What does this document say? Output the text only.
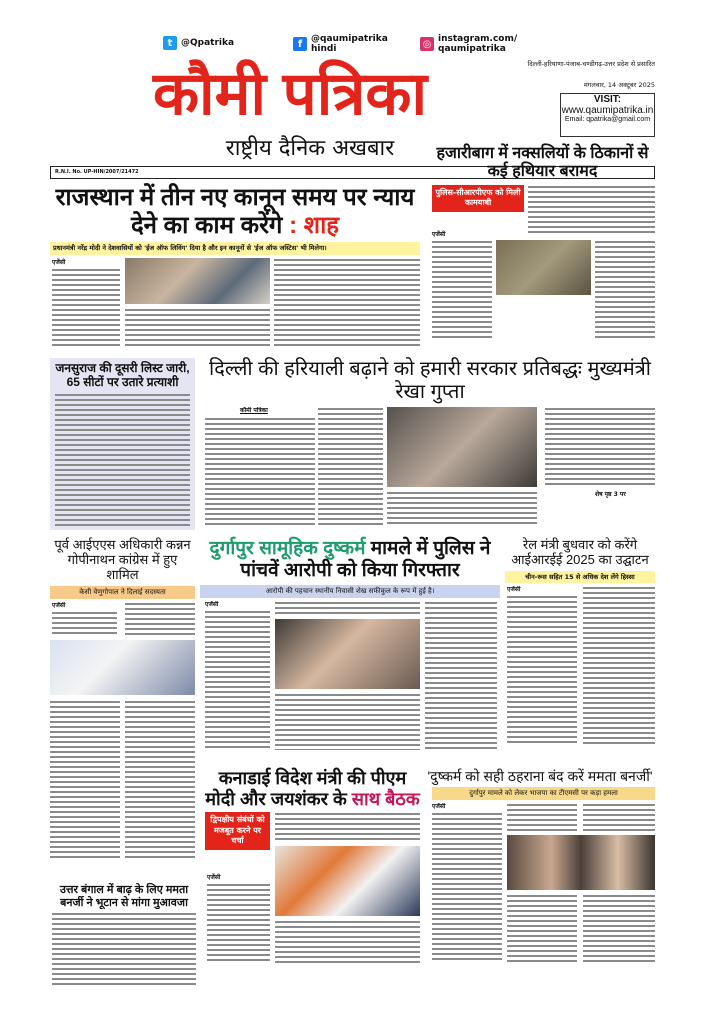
t @Qpatrika	f @qaumipatrika hindi	◎ instagram.com/ qaumipatrika
कौमी पत्रिका
राष्ट्रीय दैनिक अखबार
दिल्ली-हरियाणा-पंजाब-चण्डीगढ़-उत्तर प्रदेश से प्रसारित
मंगलवार, 14 अक्टूबर 2025
VISIT:
www.qaumipatrika.in
Email: qpatrika@gmail.com
R.N.I. No. UP-HIN/2007/21472
राजस्थान में तीन नए कानून समय पर न्याय देने का काम करेंगे : शाह
प्रधानमंत्री नरेंद्र मोदी ने देशवासियों को 'ईज ऑफ लिविंग' दिया है और इन कानूनों से 'ईज ऑफ जस्टिस' भी मिलेगा।
एजेंसी
हजारीबाग में नक्सलियों के ठिकानों से कई हथियार बरामद
पुलिस-सीआरपीएफ को मिली कामयाबी
एजेंसी
जनसुराज की दूसरी लिस्ट जारी, 65 सीटों पर उतारे प्रत्याशी
दिल्ली की हरियाली बढ़ाने को हमारी सरकार प्रतिबद्धः मुख्यमंत्री रेखा गुप्ता
कौमी पत्रिका
शेष पृष्ठ 3 पर
पूर्व आईएएस अधिकारी कन्नन गोपीनाथन कांग्रेस में हुए शामिल
केसी वेणुगोपाल ने दिलाई सदस्यता
एजेंसी
दुर्गापुर सामूहिक दुष्कर्म मामले में पुलिस ने पांचवें आरोपी को किया गिरफ्तार
आरोपी की पहचान स्थानीय निवासी शेख सफीकुल के रूप में हुई है।
एजेंसी
रेल मंत्री बुधवार को करेंगे आईआरईई 2025 का उद्घाटन
चीन-रूस सहित 15 से अधिक देश लेंगे हिस्सा
एजेंसी
कनाडाई विदेश मंत्री की पीएम मोदी और जयशंकर के साथ बैठक
द्विपक्षीय संबंधों को मजबूत करने पर चर्चा
एजेंसी
'दुष्कर्म को सही ठहराना बंद करें ममता बनर्जी'
दुर्गापुर मामले को लेकर भाजपा का टीएमसी पर कड़ा हमला
एजेंसी
उत्तर बंगाल में बाढ़ के लिए ममता बनर्जी ने भूटान से मांगा मुआवजा
